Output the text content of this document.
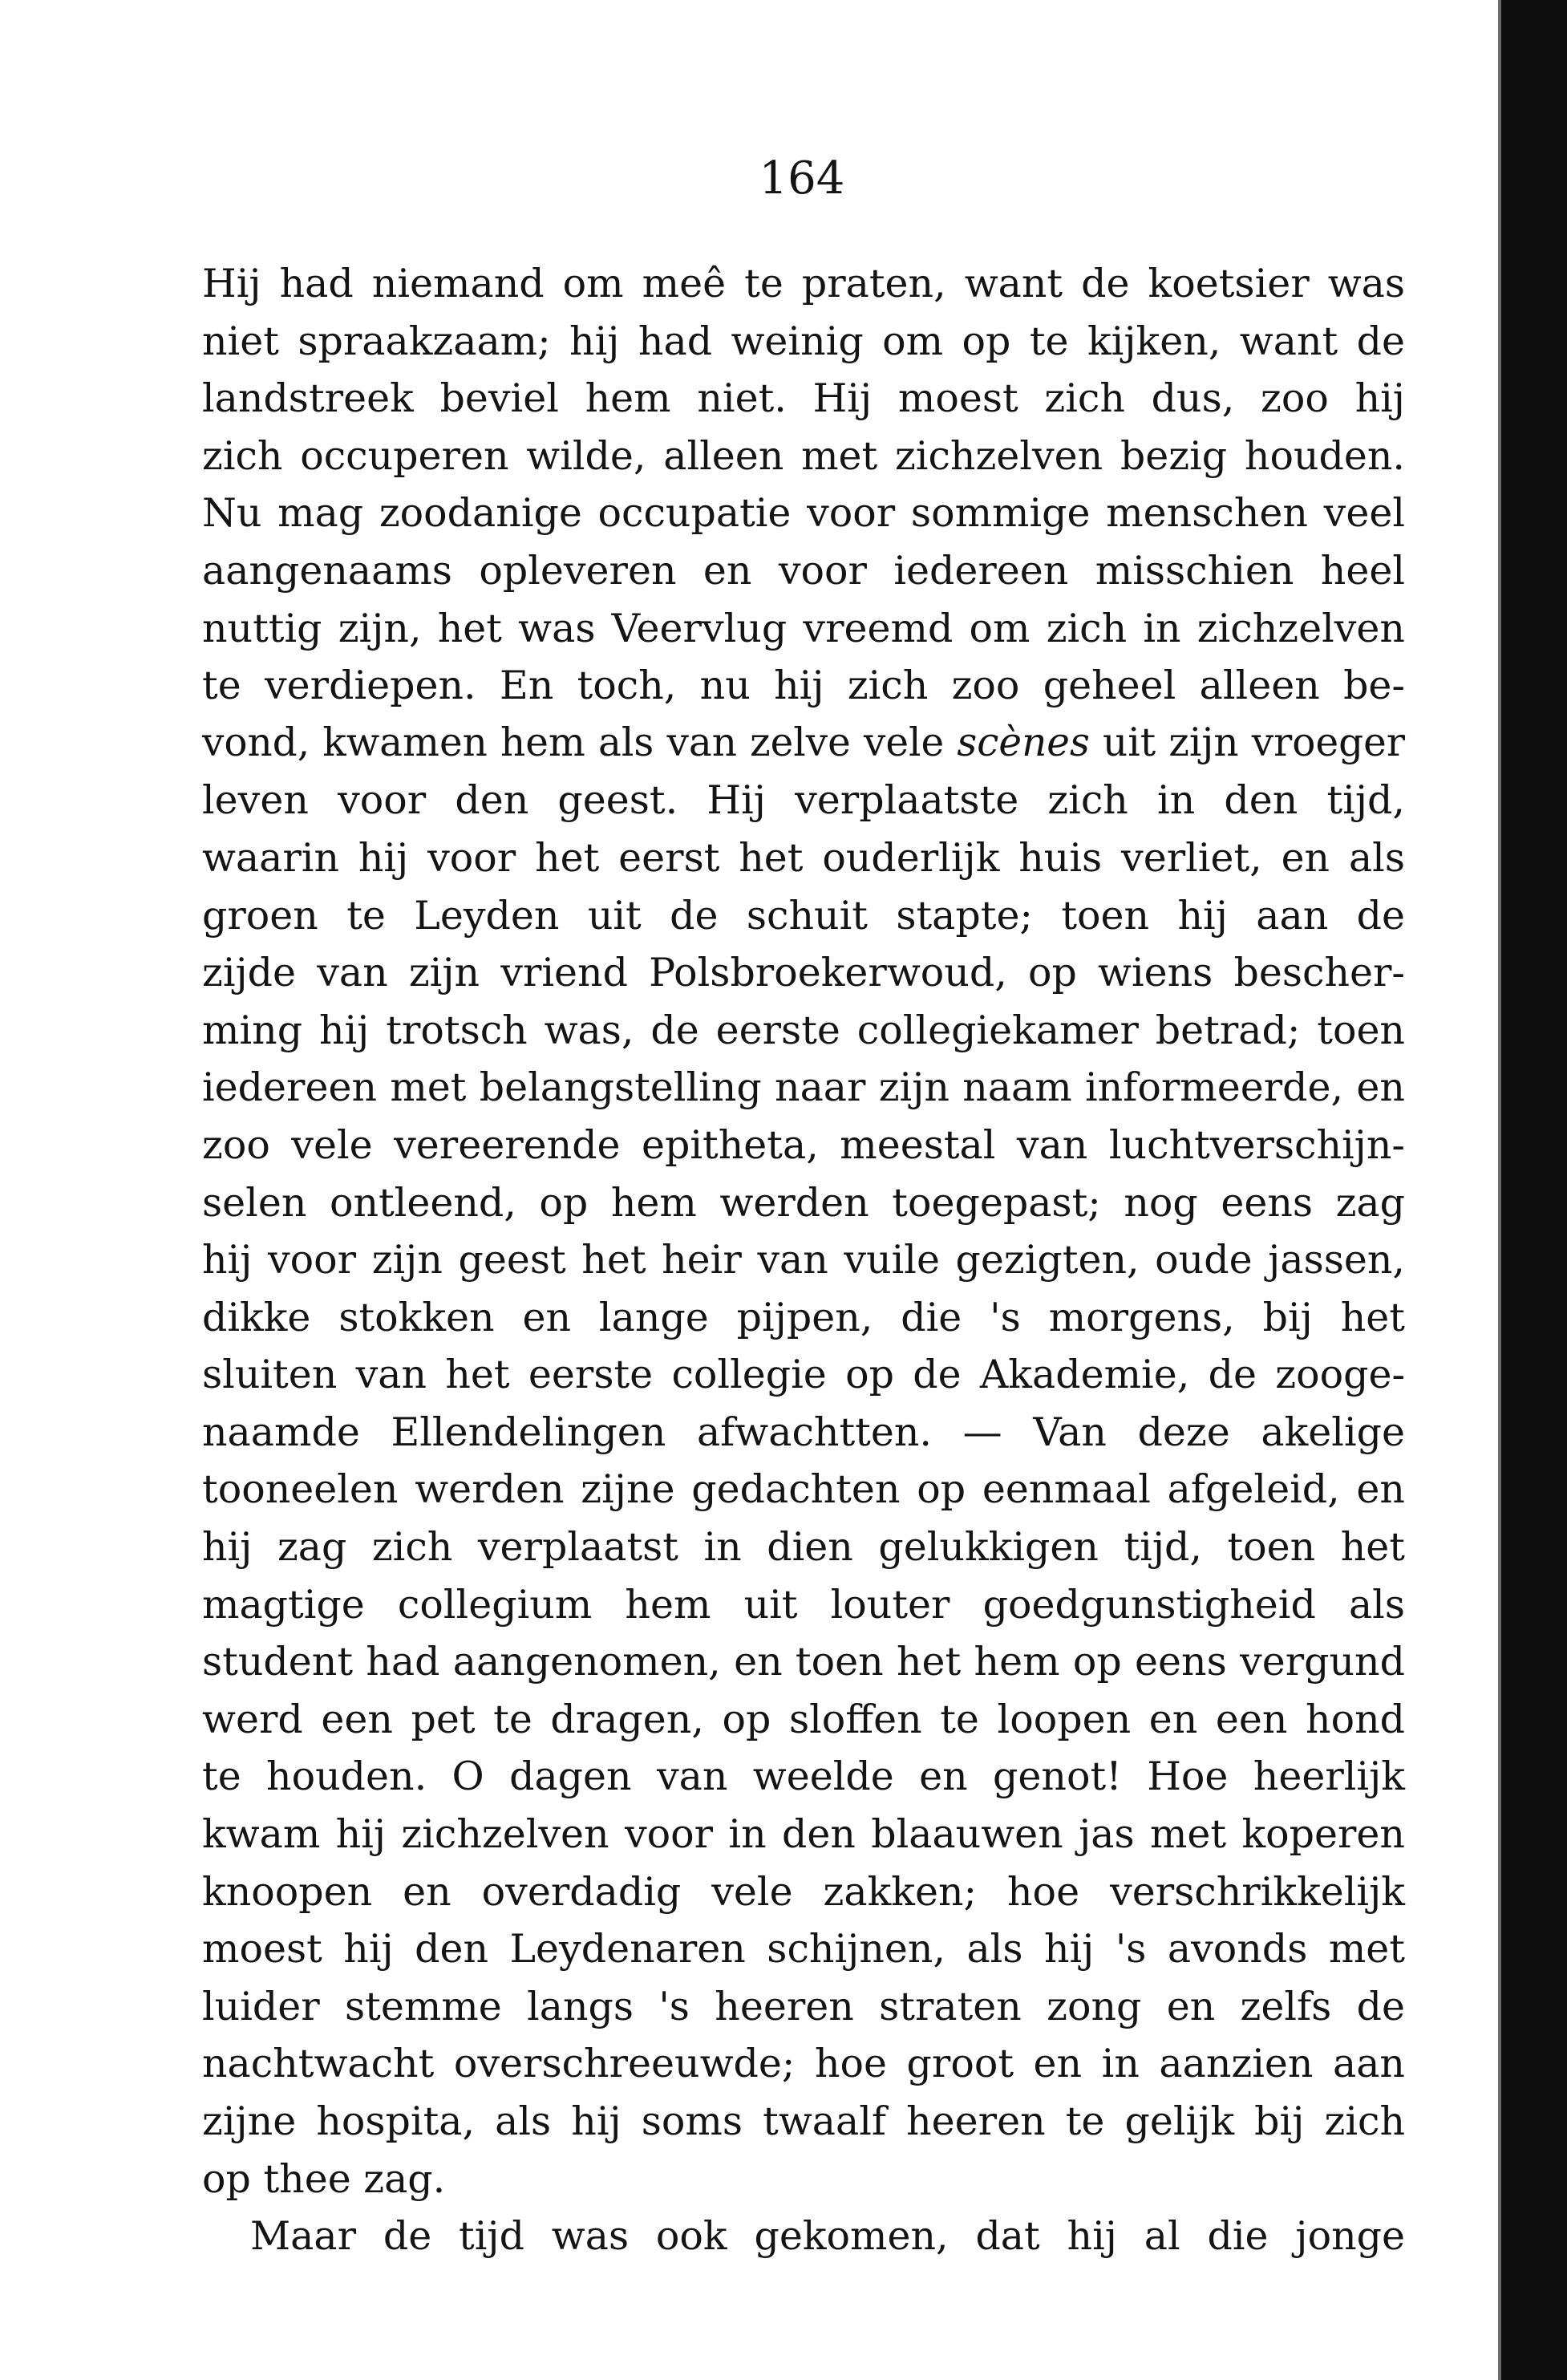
164
Hij had niemand om meê te praten, want de koetsier was
niet spraakzaam; hij had weinig om op te kijken, want de
landstreek beviel hem niet. Hij moest zich dus, zoo hij
zich occuperen wilde, alleen met zichzelven bezig houden.
Nu mag zoodanige occupatie voor sommige menschen veel
aangenaams opleveren en voor iedereen misschien heel
nuttig zijn, het was Veervlug vreemd om zich in zichzelven
te verdiepen. En toch, nu hij zich zoo geheel alleen be-
vond, kwamen hem als van zelve vele scènes uit zijn vroeger
leven voor den geest. Hij verplaatste zich in den tijd,
waarin hij voor het eerst het ouderlijk huis verliet, en als
groen te Leyden uit de schuit stapte; toen hij aan de
zijde van zijn vriend Polsbroekerwoud, op wiens bescher-
ming hij trotsch was, de eerste collegiekamer betrad; toen
iedereen met belangstelling naar zijn naam informeerde, en
zoo vele vereerende epitheta, meestal van luchtverschijn-
selen ontleend, op hem werden toegepast; nog eens zag
hij voor zijn geest het heir van vuile gezigten, oude jassen,
dikke stokken en lange pijpen, die 's morgens, bij het
sluiten van het eerste collegie op de Akademie, de zooge-
naamde Ellendelingen afwachtten. — Van deze akelige
tooneelen werden zijne gedachten op eenmaal afgeleid, en
hij zag zich verplaatst in dien gelukkigen tijd, toen het
magtige collegium hem uit louter goedgunstigheid als
student had aangenomen, en toen het hem op eens vergund
werd een pet te dragen, op sloffen te loopen en een hond
te houden. O dagen van weelde en genot! Hoe heerlijk
kwam hij zichzelven voor in den blaauwen jas met koperen
knoopen en overdadig vele zakken; hoe verschrikkelijk
moest hij den Leydenaren schijnen, als hij 's avonds met
luider stemme langs 's heeren straten zong en zelfs de
nachtwacht overschreeuwde; hoe groot en in aanzien aan
zijne hospita, als hij soms twaalf heeren te gelijk bij zich
op thee zag.
Maar de tijd was ook gekomen, dat hij al die jonge
